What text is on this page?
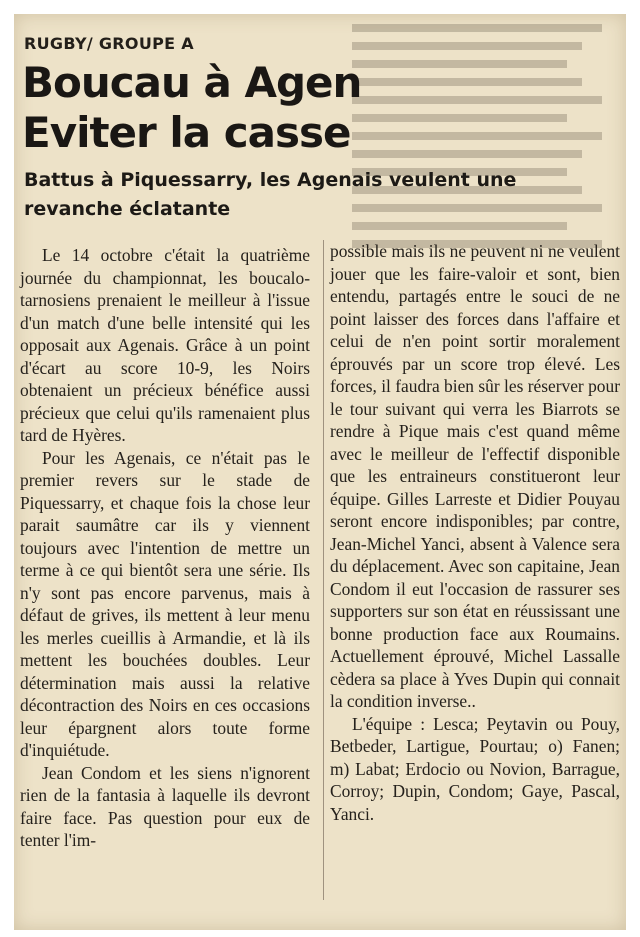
RUGBY/ GROUPE A
Boucau à Agen
Eviter la casse
Battus à Piquessarry, les Agenais veulent une revanche éclatante

Le 14 octobre c'était la quatrième journée du championnat, les boucalo-tarnosiens prenaient le meilleur à l'issue d'un match d'une belle intensité qui les opposait aux Agenais. Grâce à un point d'écart au score 10-9, les Noirs obtenaient un précieux bénéfice aussi précieux que celui qu'ils ramenaient plus tard de Hyères.

Pour les Agenais, ce n'était pas le premier revers sur le stade de Piquessarry, et chaque fois la chose leur parait saumâtre car ils y viennent toujours avec l'intention de mettre un terme à ce qui bientôt sera une série. Ils n'y sont pas encore parvenus, mais à défaut de grives, ils mettent à leur menu les merles cueillis à Armandie, et là ils mettent les bouchées doubles. Leur détermination mais aussi la relative décontraction des Noirs en ces occasions leur épargnent alors toute forme d'inquiétude.

Jean Condom et les siens n'ignorent rien de la fantasia à laquelle ils devront faire face. Pas question pour eux de tenter l'im-

possible mais ils ne peuvent ni ne veulent jouer que les faire-valoir et sont, bien entendu, partagés entre le souci de ne point laisser des forces dans l'affaire et celui de n'en point sortir moralement éprouvés par un score trop élevé. Les forces, il faudra bien sûr les réserver pour le tour suivant qui verra les Biarrots se rendre à Pique mais c'est quand même avec le meilleur de l'effectif disponible que les entraineurs constitueront leur équipe. Gilles Larreste et Didier Pouyau seront encore indisponibles; par contre, Jean-Michel Yanci, absent à Valence sera du déplacement. Avec son capitaine, Jean Condom il eut l'occasion de rassurer ses supporters sur son état en réussissant une bonne production face aux Roumains. Actuellement éprouvé, Michel Lassalle cèdera sa place à Yves Dupin qui connait la condition inverse..

L'équipe : Lesca; Peytavin ou Pouy, Betbeder, Lartigue, Pourtau; o) Fanen; m) Labat; Erdocio ou Novion, Barrague, Corroy; Dupin, Condom; Gaye, Pascal, Yanci.
